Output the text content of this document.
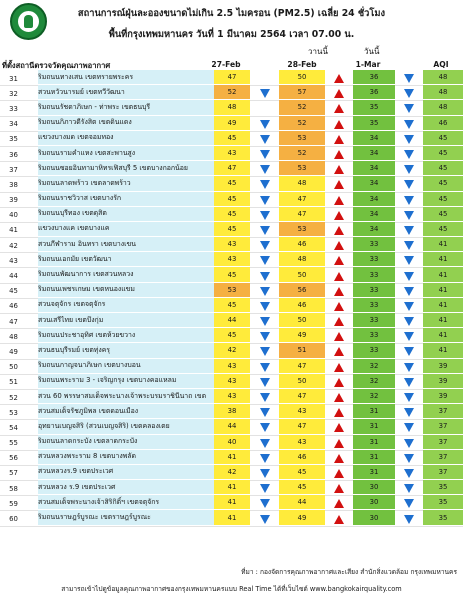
สถานการณ์ฝุ่นละอองขนาดไม่เกิน 2.5 ไมครอน (PM2.5) เฉลี่ย 24 ชั่วโมง
พื้นที่กรุงเทพมหานคร วันที่ 1 มีนาคม 2564 เวลา 07.00 น.
วานนี้	วันนี้
ที่ตั้งสถานีตรวจวัดคุณภาพอากาศ	27-Feb	28-Feb	1-Mar	AQI
31	ริมถนนทางเสน เขตทรายพระคร	47	50	36	48
32	สวนหวัวนารมย์ เขตทวีวัฒนา	52	57	36	48
33	ริมถนนรัชดาภิเษก - ท่าพระ เขตธนบุรี	48	52	35	48
34	ริมถนนกิภาวดีรังสิต เขตดินแดง	49	52	35	46
35	แขวงบางมด เขตจอมทอง	45	53	34	45
36	ริมถนนรามคำแหง เขตสะพานสูง	43	52	34	45
37	ริมถนนซอยอินทามาหิทรเฟิสบุรี 5 เขตบางกอกน้อย	47	53	34	45
38	ริมถนนลาดพร้าว เขตลาดพร้าว	45	48	34	45
39	ริมถนนราชวิวาส เขตบางรัก	45	47	34	45
40	ริมถนนบุรีทอง เขตดุสิต	45	47	34	45
41	แขวงบางแค เขตบางแค	45	53	34	45
42	สวนกีฬาราม อินทรา เขตบางเขน	43	46	33	41
43	ริมถนนเอกมัย เขตวัฒนา	43	48	33	41
44	ริมถนนพัฒนาการ เขตสวนหลวง	45	50	33	41
45	ริมถนนเพชรเกษม เขตหนองแขม	53	56	33	41
46	สวนจตุจักร เขตจตุจักร	45	46	33	41
47	สวนเสรีไทย เขตบึงกุ่ม	44	50	33	41
48	ริมถนนประชาอุทิศ เขตห้วยขวาง	45	49	33	41
49	สวนธนบุรีรมย์ เขตทุ่งครุ	42	51	33	41
50	ริมถนนกาญจนาภิเษก เขตบางบอน	43	47	32	39
51	ริมถนนพระราม 3 - เจริญกรุง เขตบางคอแหลม	43	50	32	39
52	สวน 60 พรรษาสมเด็จพระนางเจ้าพระบรมราชินีนาถ เขต	43	47	32	39
53	สวนสมเด็จรัชภูมิพล เขตดอนเมือง	38	43	31	37
54	อุทยานเบญจสิริ (สวนเบญจสิริ) เขตคลองเตย	44	47	31	37
55	ริมถนนลาดกระบัง เขตลาดกระบัง	40	43	31	37
56	สวนหลวงพระราม 8 เขตบางพลัด	41	46	31	37
57	สวนหลวงร.9 เขตประเวศ	42	45	31	37
58	สวนหลวง ร.9 เขตประเวศ	41	45	30	35
59	สวนสมเด็จพระนางเจ้าสิริกิติ์ฯ เขตจตุจักร	41	44	30	35
60	ริมถนนราษฎร์บูรณะ เขตราษฎร์บูรณะ	41	49	30	35
ที่มา : กองจัดการคุณภาพอากาศและเสียง สำนักสิ่งแวดล้อม กรุงเทพมหานคร
สามารถเข้าไปดูข้อมูลคุณภาพอากาศของกรุงเทพมหานครแบบ Real Time ได้ที่เว็บไซต์ www.bangkokairquality.com
